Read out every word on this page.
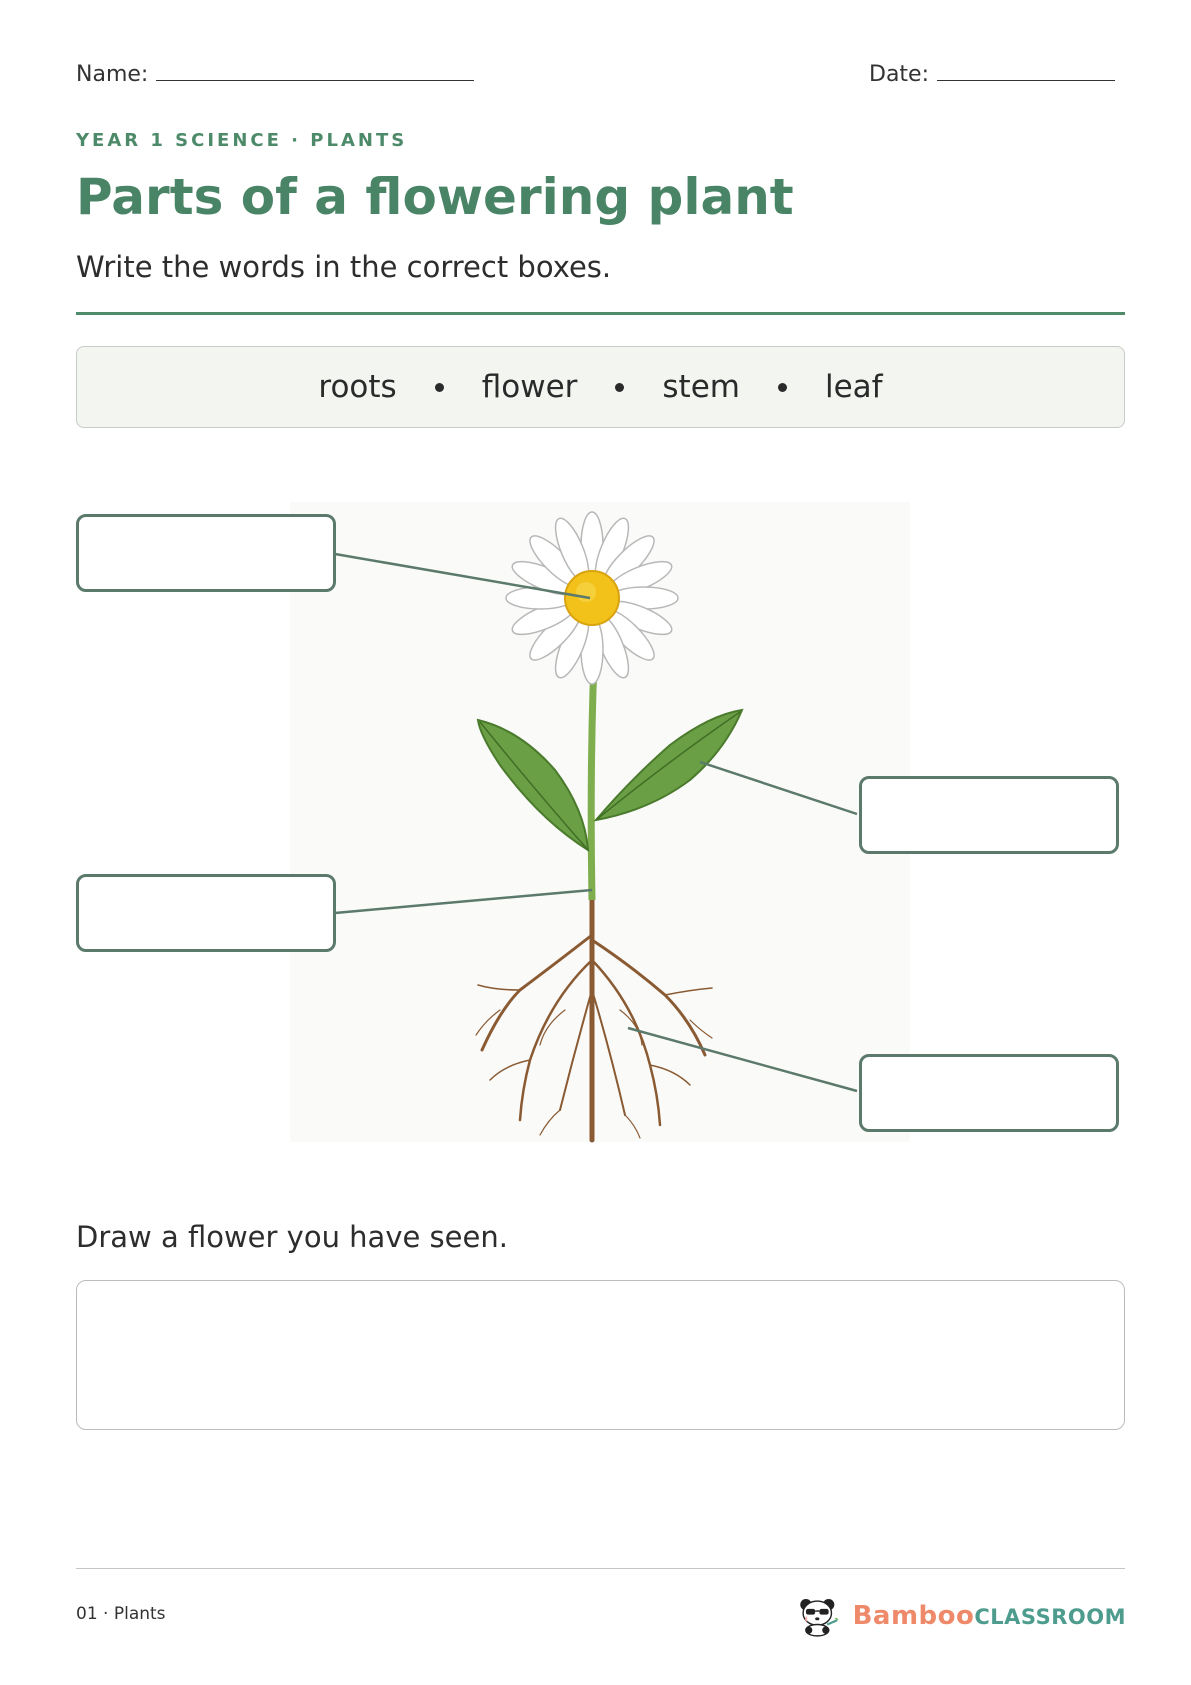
Name:	Date:
YEAR 1 SCIENCE · PLANTS
Parts of a flowering plant
Write the words in the correct boxes.
roots	flower	stem	leaf
Draw a flower you have seen.
01 · Plants	BambooCLASSROOM
